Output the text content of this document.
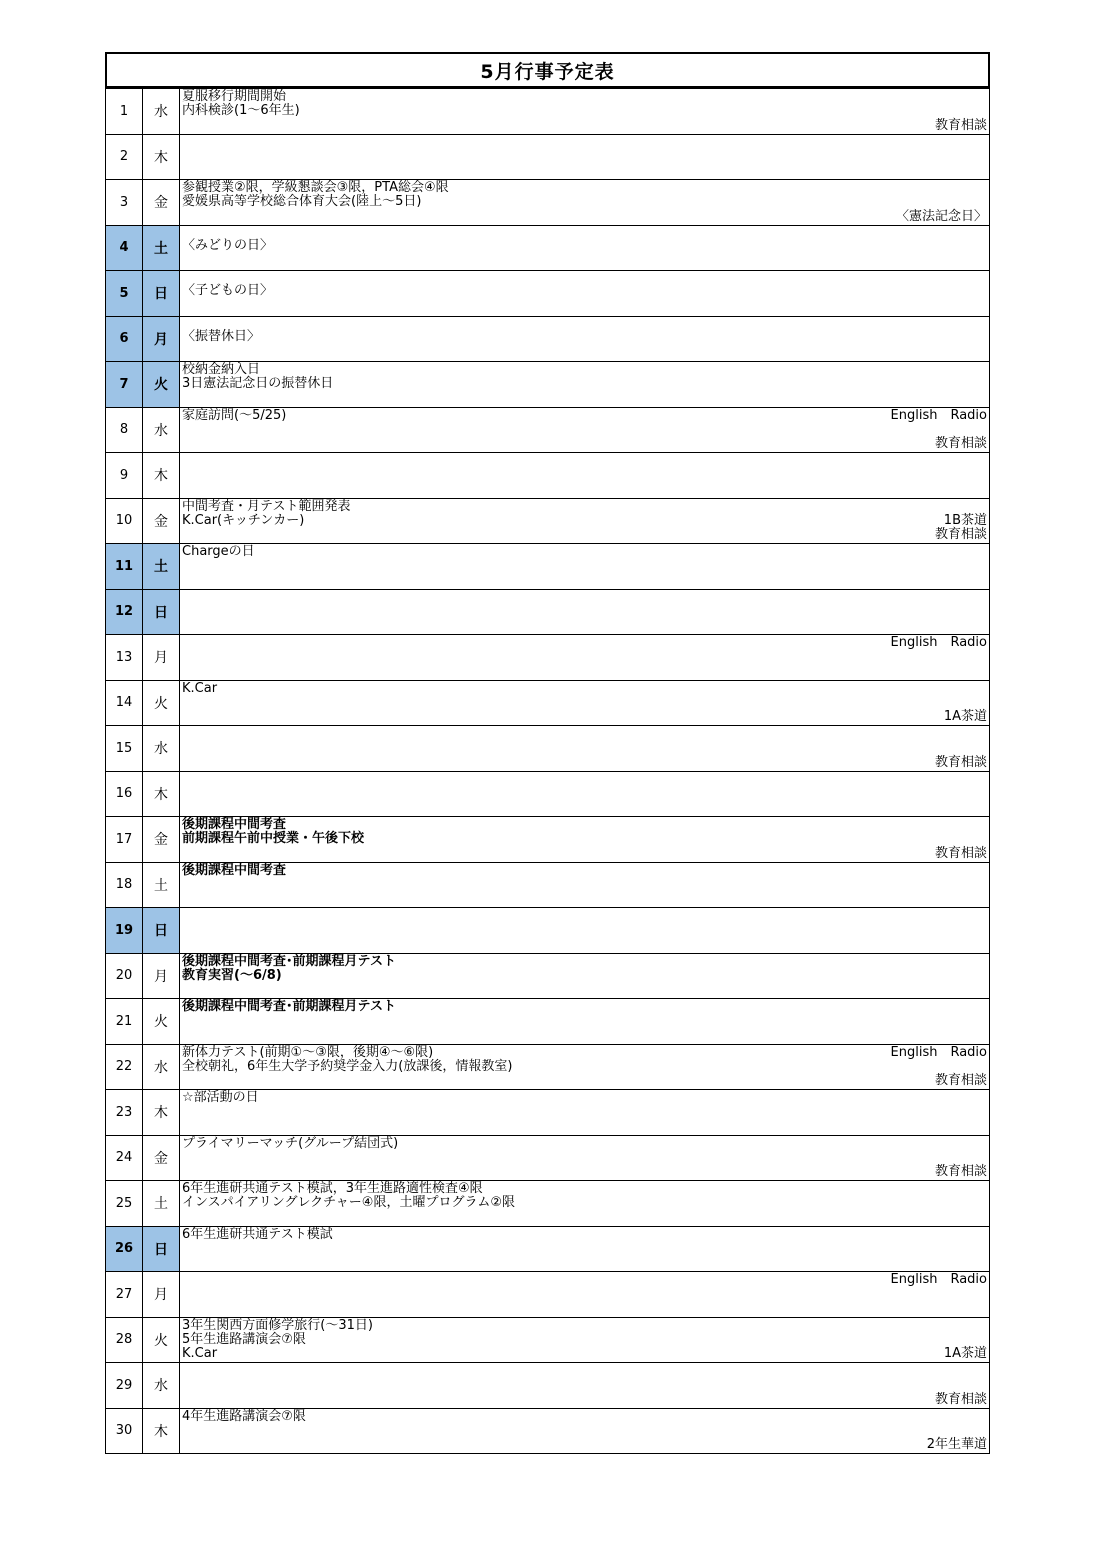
5月行事予定表
1	水	夏服移行期間開始
内科検診(1～6年生)
教育相談

2	木	

3	金	参観授業②限，学級懇談会③限，PTA総会④限
愛媛県高等学校総合体育大会(陸上～5日)
〈憲法記念日〉

4	土	〈みどりの日〉

5	日	〈子どもの日〉

6	月	〈振替休日〉

7	火	校納金納入日
3日憲法記念日の振替休日

8	水	家庭訪問(～5/25) English　Radio
教育相談

9	木	

10	金	中間考査・月テスト範囲発表
K.Car(キッチンカー) 1B茶道
教育相談

11	土	Chargeの日

12	日	

13	月	English　Radio

14	火	K.Car
1A茶道

15	水	教育相談

16	木	

17	金	後期課程中間考査
前期課程午前中授業・午後下校
教育相談

18	土	後期課程中間考査

19	日	

20	月	後期課程中間考査･前期課程月テスト
教育実習(～6/8)

21	火	後期課程中間考査･前期課程月テスト

22	水	新体力テスト(前期①～③限，後期④～⑥限)
全校朝礼，6年生大学予約奨学金入力(放課後，情報教室)
English　Radio
教育相談

23	木	☆部活動の日

24	金	プライマリーマッチ(グループ結団式)
教育相談

25	土	6年生進研共通テスト模試，3年生進路適性検査④限
インスパイアリングレクチャー④限，土曜プログラム②限

26	日	6年生進研共通テスト模試

27	月	English　Radio

28	火	3年生関西方面修学旅行(～31日)
5年生進路講演会⑦限
K.Car 1A茶道

29	水	教育相談

30	木	4年生進路講演会⑦限
2年生華道
